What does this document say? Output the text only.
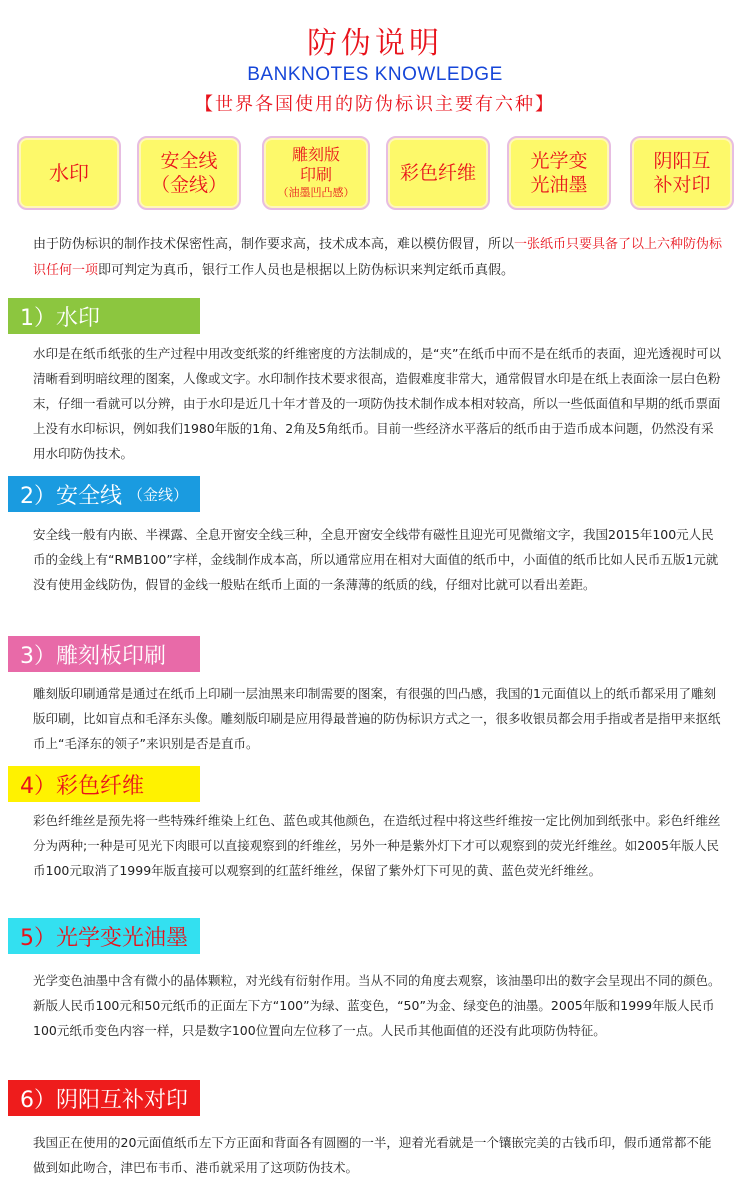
防伪说明
BANKNOTES KNOWLEDGE
【世界各国使用的防伪标识主要有六种】
水印	安全线
（金线）
雕刻版
印刷
（油墨凹凸感）
彩色纤维
光学变
光油墨
阴阳互
补对印
由于防伪标识的制作技术保密性高，制作要求高，技术成本高，难以模仿假冒，所以一张纸币只要具备了以上六种防伪标识任何一项即可判定为真币，银行工作人员也是根据以上防伪标识来判定纸币真假。
1）水印
水印是在纸币纸张的生产过程中用改变纸浆的纤维密度的方法制成的，是“夹”在纸币中而不是在纸币的表面，迎光透视时可以清晰看到明暗纹理的图案，人像或文字。水印制作技术要求很高，造假难度非常大，通常假冒水印是在纸上表面涂一层白色粉末，仔细一看就可以分辨，由于水印是近几十年才普及的一项防伪技术制作成本相对较高，所以一些低面值和早期的纸币票面上没有水印标识，例如我们1980年版的1角、2角及5角纸币。目前一些经济水平落后的纸币由于造币成本问题，仍然没有采用水印防伪技术。
2）安全线 （金线）
安全线一般有内嵌、半裸露、全息开窗安全线三种，全息开窗安全线带有磁性且迎光可见微缩文字，我国2015年100元人民币的金线上有“RMB100”字样，金线制作成本高，所以通常应用在相对大面值的纸币中，小面值的纸币比如人民币五版1元就没有使用金线防伪，假冒的金线一般贴在纸币上面的一条薄薄的纸质的线，仔细对比就可以看出差距。
3）雕刻板印刷
雕刻版印刷通常是通过在纸币上印刷一层油黑来印制需要的图案，有很强的凹凸感，我国的1元面值以上的纸币都采用了雕刻版印刷，比如盲点和毛泽东头像。雕刻版印刷是应用得最普遍的防伪标识方式之一，很多收银员都会用手指或者是指甲来抠纸币上“毛泽东的领子”来识别是否是直币。
4）彩色纤维
彩色纤维丝是预先将一些特殊纤维染上红色、蓝色或其他颜色，在造纸过程中将这些纤维按一定比例加到纸张中。彩色纤维丝分为两种;一种是可见光下肉眼可以直接观察到的纤维丝，另外一种是紫外灯下才可以观察到的荧光纤维丝。如2005年版人民币100元取消了1999年版直接可以观察到的红蓝纤维丝，保留了紫外灯下可见的黄、蓝色荧光纤维丝。
5）光学变光油墨
光学变色油墨中含有微小的晶体颗粒，对光线有衍射作用。当从不同的角度去观察，该油墨印出的数字会呈现出不同的颜色。新版人民币100元和50元纸币的正面左下方“100”为绿、蓝变色，“50”为金、绿变色的油墨。2005年版和1999年版人民币100元纸币变色内容一样，只是数字100位置向左位移了一点。人民币其他面值的还没有此项防伪特征。
6）阴阳互补对印
我国正在使用的20元面值纸币左下方正面和背面各有圆圈的一半，迎着光看就是一个镶嵌完美的古钱币印，假币通常都不能做到如此吻合，津巴布韦币、港币就采用了这项防伪技术。
